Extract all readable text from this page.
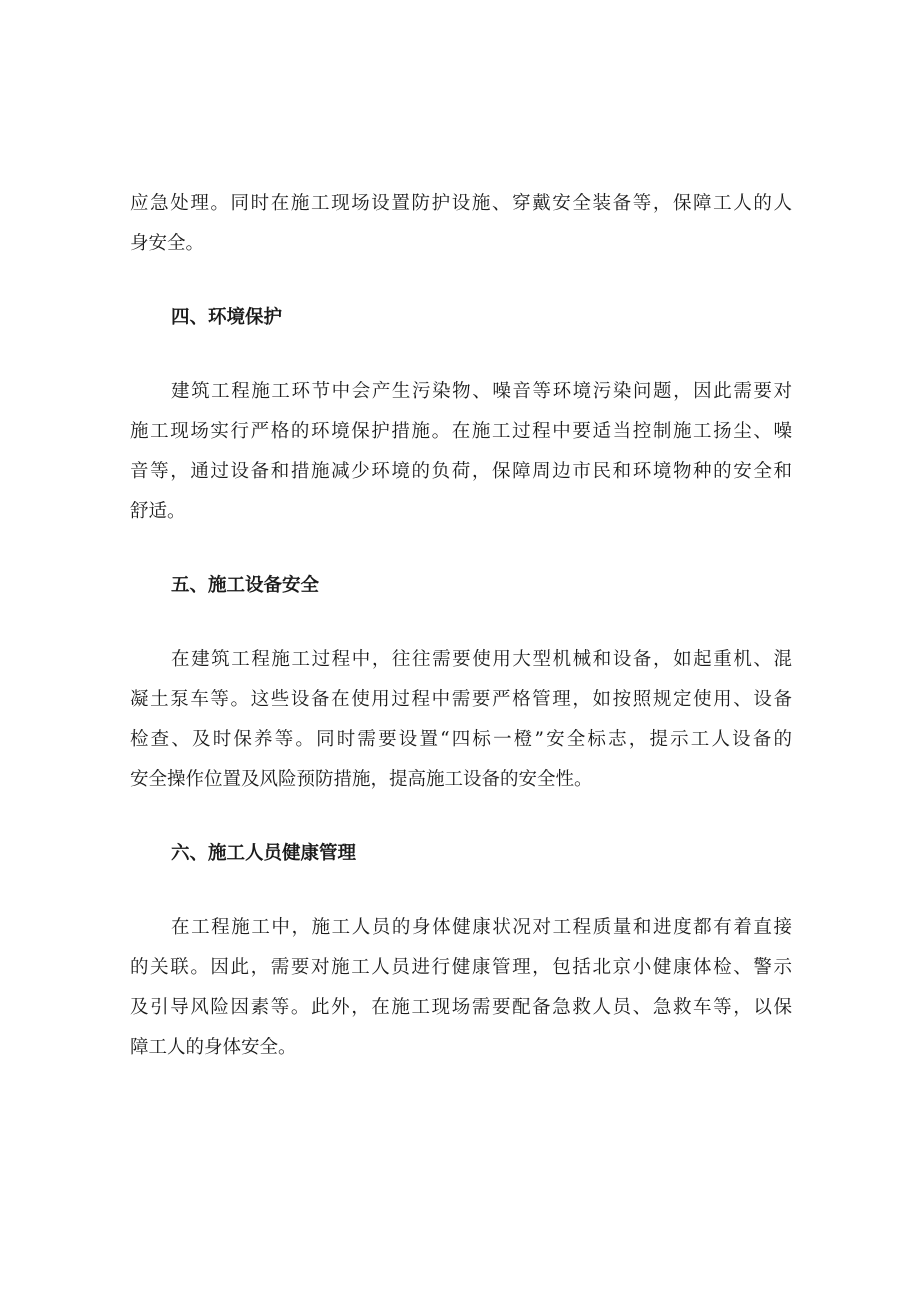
应急处理。同时在施工现场设置防护设施、穿戴安全装备等，保障工人的人
身安全。
四、环境保护
建筑工程施工环节中会产生污染物、噪音等环境污染问题，因此需要对
施工现场实行严格的环境保护措施。在施工过程中要适当控制施工扬尘、噪
音等，通过设备和措施减少环境的负荷，保障周边市民和环境物种的安全和
舒适。
五、施工设备安全
在建筑工程施工过程中，往往需要使用大型机械和设备，如起重机、混
凝土泵车等。这些设备在使用过程中需要严格管理，如按照规定使用、设备
检查、及时保养等。同时需要设置“四标一橙”安全标志，提示工人设备的
安全操作位置及风险预防措施，提高施工设备的安全性。
六、施工人员健康管理
在工程施工中，施工人员的身体健康状况对工程质量和进度都有着直接
的关联。因此，需要对施工人员进行健康管理，包括北京小健康体检、警示
及引导风险因素等。此外，在施工现场需要配备急救人员、急救车等，以保
障工人的身体安全。
